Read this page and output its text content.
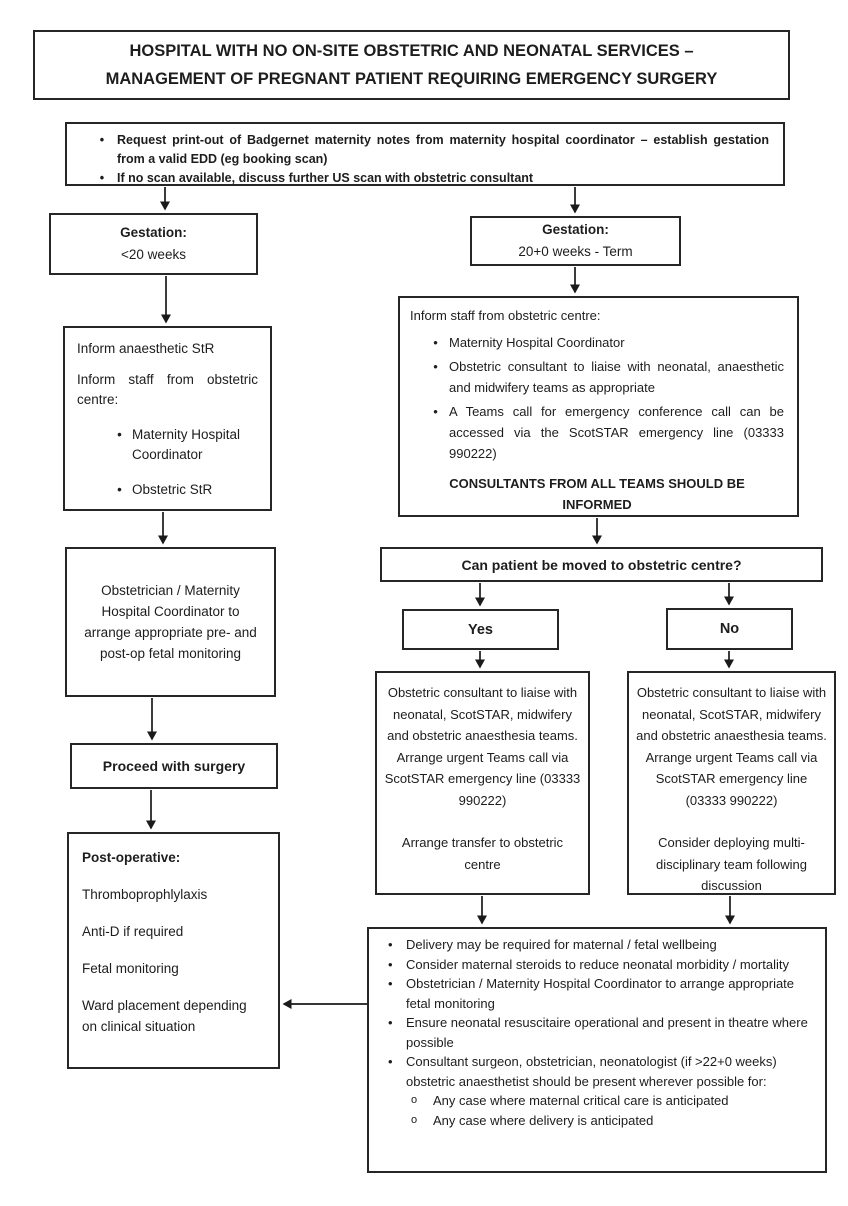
HOSPITAL WITH NO ON-SITE OBSTETRIC AND NEONATAL SERVICES – MANAGEMENT OF PREGNANT PATIENT REQUIRING EMERGENCY SURGERY
•	Request print-out of Badgernet maternity notes from maternity hospital coordinator – establish gestation from a valid EDD (eg booking scan)
•	If no scan available, discuss further US scan with obstetric consultant
Gestation:
<20 weeks
Gestation:
20+0 weeks - Term

Inform anaesthetic StR

Inform staff from obstetric centre:

• Maternity Hospital Coordinator
• Obstetric StR

Inform staff from obstetric centre:

• Maternity Hospital Coordinator
• Obstetric consultant to liaise with neonatal, anaesthetic and midwifery teams as appropriate
• A Teams call for emergency conference call can be accessed via the ScotSTAR emergency line (03333 990222)
CONSULTANTS FROM ALL TEAMS SHOULD BE INFORMED
Obstetrician / Maternity Hospital Coordinator to arrange appropriate pre- and post-op fetal monitoring
Proceed with surgery

Post-operative:

Thromboprophlylaxis

Anti-D if required

Fetal monitoring

Ward placement depending on clinical situation

Can patient be moved to obstetric centre?
Yes	No
Obstetric consultant to liaise with neonatal, ScotSTAR, midwifery and obstetric anaesthesia teams. Arrange urgent Teams call via ScotSTAR emergency line (03333 990222)
Arrange transfer to obstetric centre
Obstetric consultant to liaise with neonatal, ScotSTAR, midwifery and obstetric anaesthesia teams. Arrange urgent Teams call via ScotSTAR emergency line (03333 990222)
Consider deploying multi-disciplinary team following discussion
•	Delivery may be required for maternal / fetal wellbeing
•	Consider maternal steroids to reduce neonatal morbidity / mortality
•	Obstetrician / Maternity Hospital Coordinator to arrange appropriate fetal monitoring
•	Ensure neonatal resuscitaire operational and present in theatre where possible
•	Consultant surgeon, obstetrician, neonatologist (if >22+0 weeks) obstetric anaesthetist should be present wherever possible for:
o	Any case where maternal critical care is anticipated
o	Any case where delivery is anticipated
